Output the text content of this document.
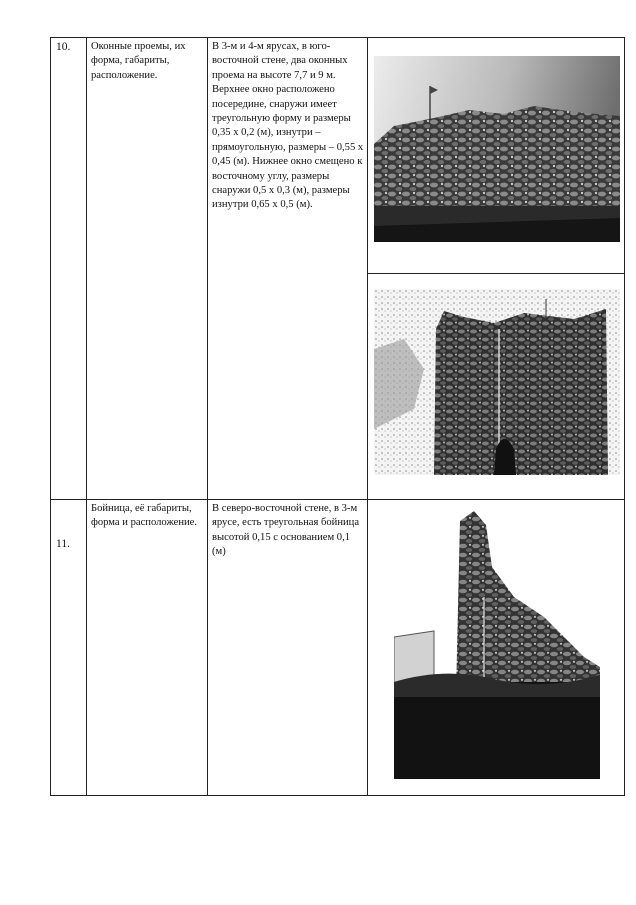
10.	Оконные проемы, их форма, габариты, расположение.
В 3-м и 4-м ярусах, в юго-восточной стене, два оконных проема на высоте 7,7 и 9 м. Верхнее окно расположено посередине, снаружи имеет треугольную форму и размеры 0,35 х 0,2 (м), изнутри – прямоугольную, размеры – 0,55 х 0,45 (м). Нижнее окно смещено к восточному углу, размеры снаружи 0,5 х 0,3 (м), размеры изнутри 0,65 х 0,5 (м).
Бойница, её габариты, форма и расположение.
11.
В северо-восточной стене, в 3-м ярусе, есть треугольная бойница высотой 0,15 с основанием 0,1 (м)
